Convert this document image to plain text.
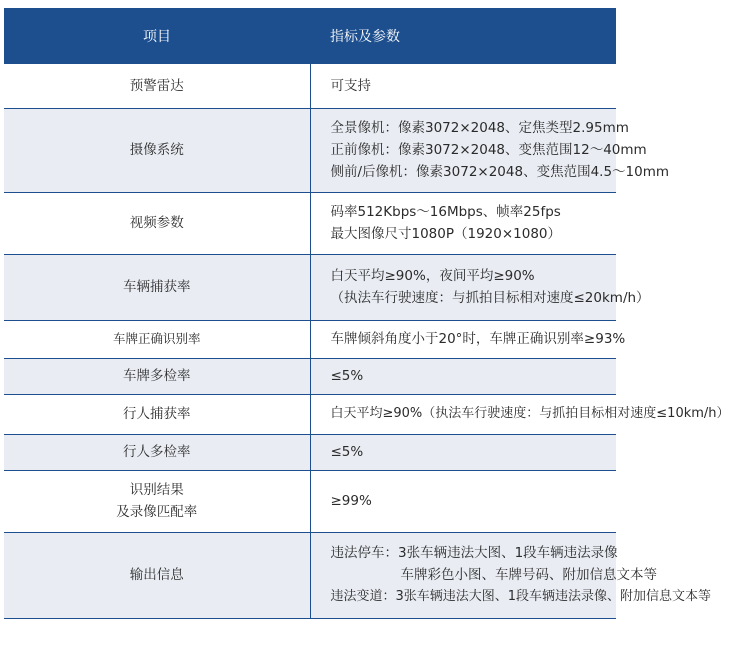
项目	指标及参数
预警雷达	可支持

摄像系统	全景像机：像素3072×2048、定焦类型2.95mm
正前像机：像素3072×2048、变焦范围12～40mm
侧前/后像机：像素3072×2048、变焦范围4.5～10mm

视频参数	码率512Kbps～16Mbps、帧率25fps
最大图像尺寸1080P（1920×1080）

车辆捕获率	白天平均≥90%，夜间平均≥90%
（执法车行驶速度：与抓拍目标相对速度≤20km/h）

车牌正确识别率	车牌倾斜角度小于20°时，车牌正确识别率≥93%

车牌多检率	≤5%

行人捕获率	白天平均≥90%（执法车行驶速度：与抓拍目标相对速度≤10km/h）

行人多检率	≤5%

识别结果
及录像匹配率	≥99%

输出信息	违法停车：3张车辆违法大图、1段车辆违法录像
车牌彩色小图、车牌号码、附加信息文本等
违法变道：3张车辆违法大图、1段车辆违法录像、附加信息文本等
